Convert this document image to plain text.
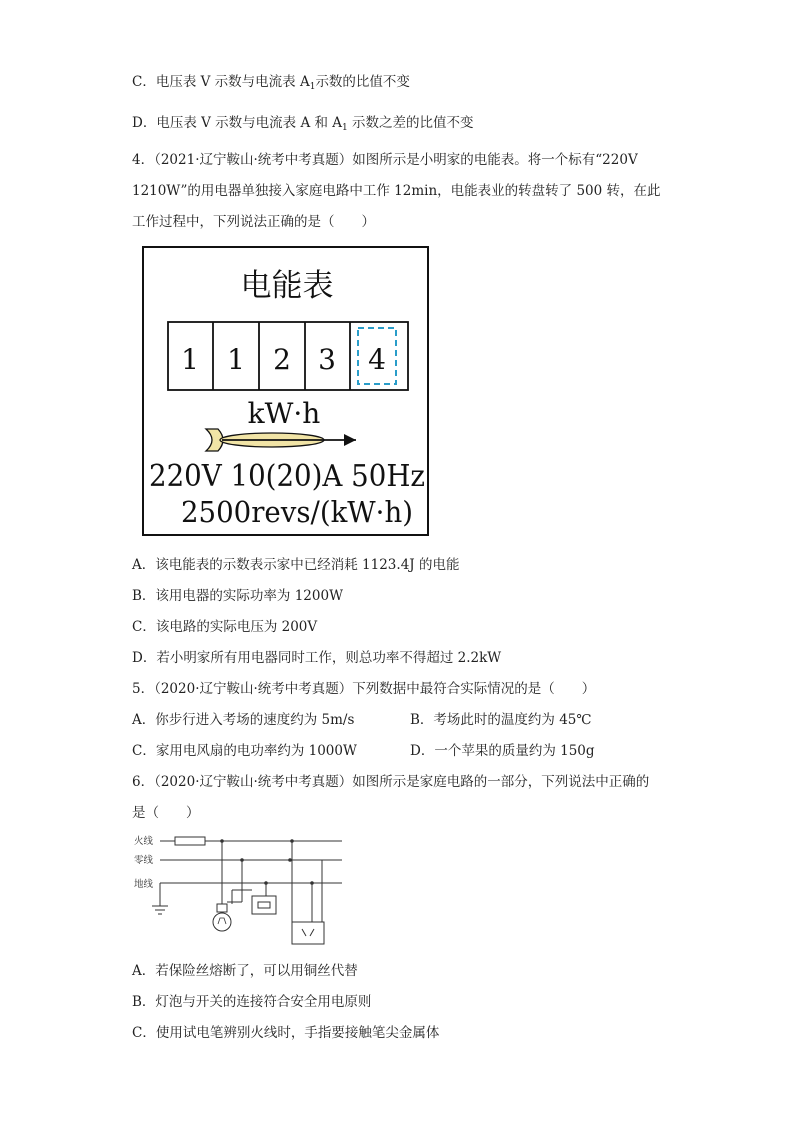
C．电压表 V 示数与电流表 $A_1$示数的比值不变
D．电压表 V 示数与电流表 A 和 $A_1$ 示数之差的比值不变
4．（2021·辽宁鞍山·统考中考真题）如图所示是小明家的电能表。将一个标有“220V
1210W”的用电器单独接入家庭电路中工作 12min，电能表业的转盘转了 500 转，在此
工作过程中，下列说法正确的是（　　）
电能表
1 1 2 3 4
kW·h
220V 10(20)A 50Hz
2500revs/(kW·h)
A．该电能表的示数表示家中已经消耗 1123.4J 的电能
B．该用电器的实际功率为 1200W
C．该电路的实际电压为 200V
D．若小明家所有用电器同时工作，则总功率不得超过 2.2kW
5．（2020·辽宁鞍山·统考中考真题）下列数据中最符合实际情况的是（　　）
A．你步行进入考场的速度约为 5m/s	B．考场此时的温度约为 45℃
C．家用电风扇的电功率约为 1000W	D．一个苹果的质量约为 150g
6．（2020·辽宁鞍山·统考中考真题）如图所示是家庭电路的一部分，下列说法中正确的
是（　　）
火线
零线
地线
A．若保险丝熔断了，可以用铜丝代替
B．灯泡与开关的连接符合安全用电原则
C．使用试电笔辨别火线时，手指要接触笔尖金属体
